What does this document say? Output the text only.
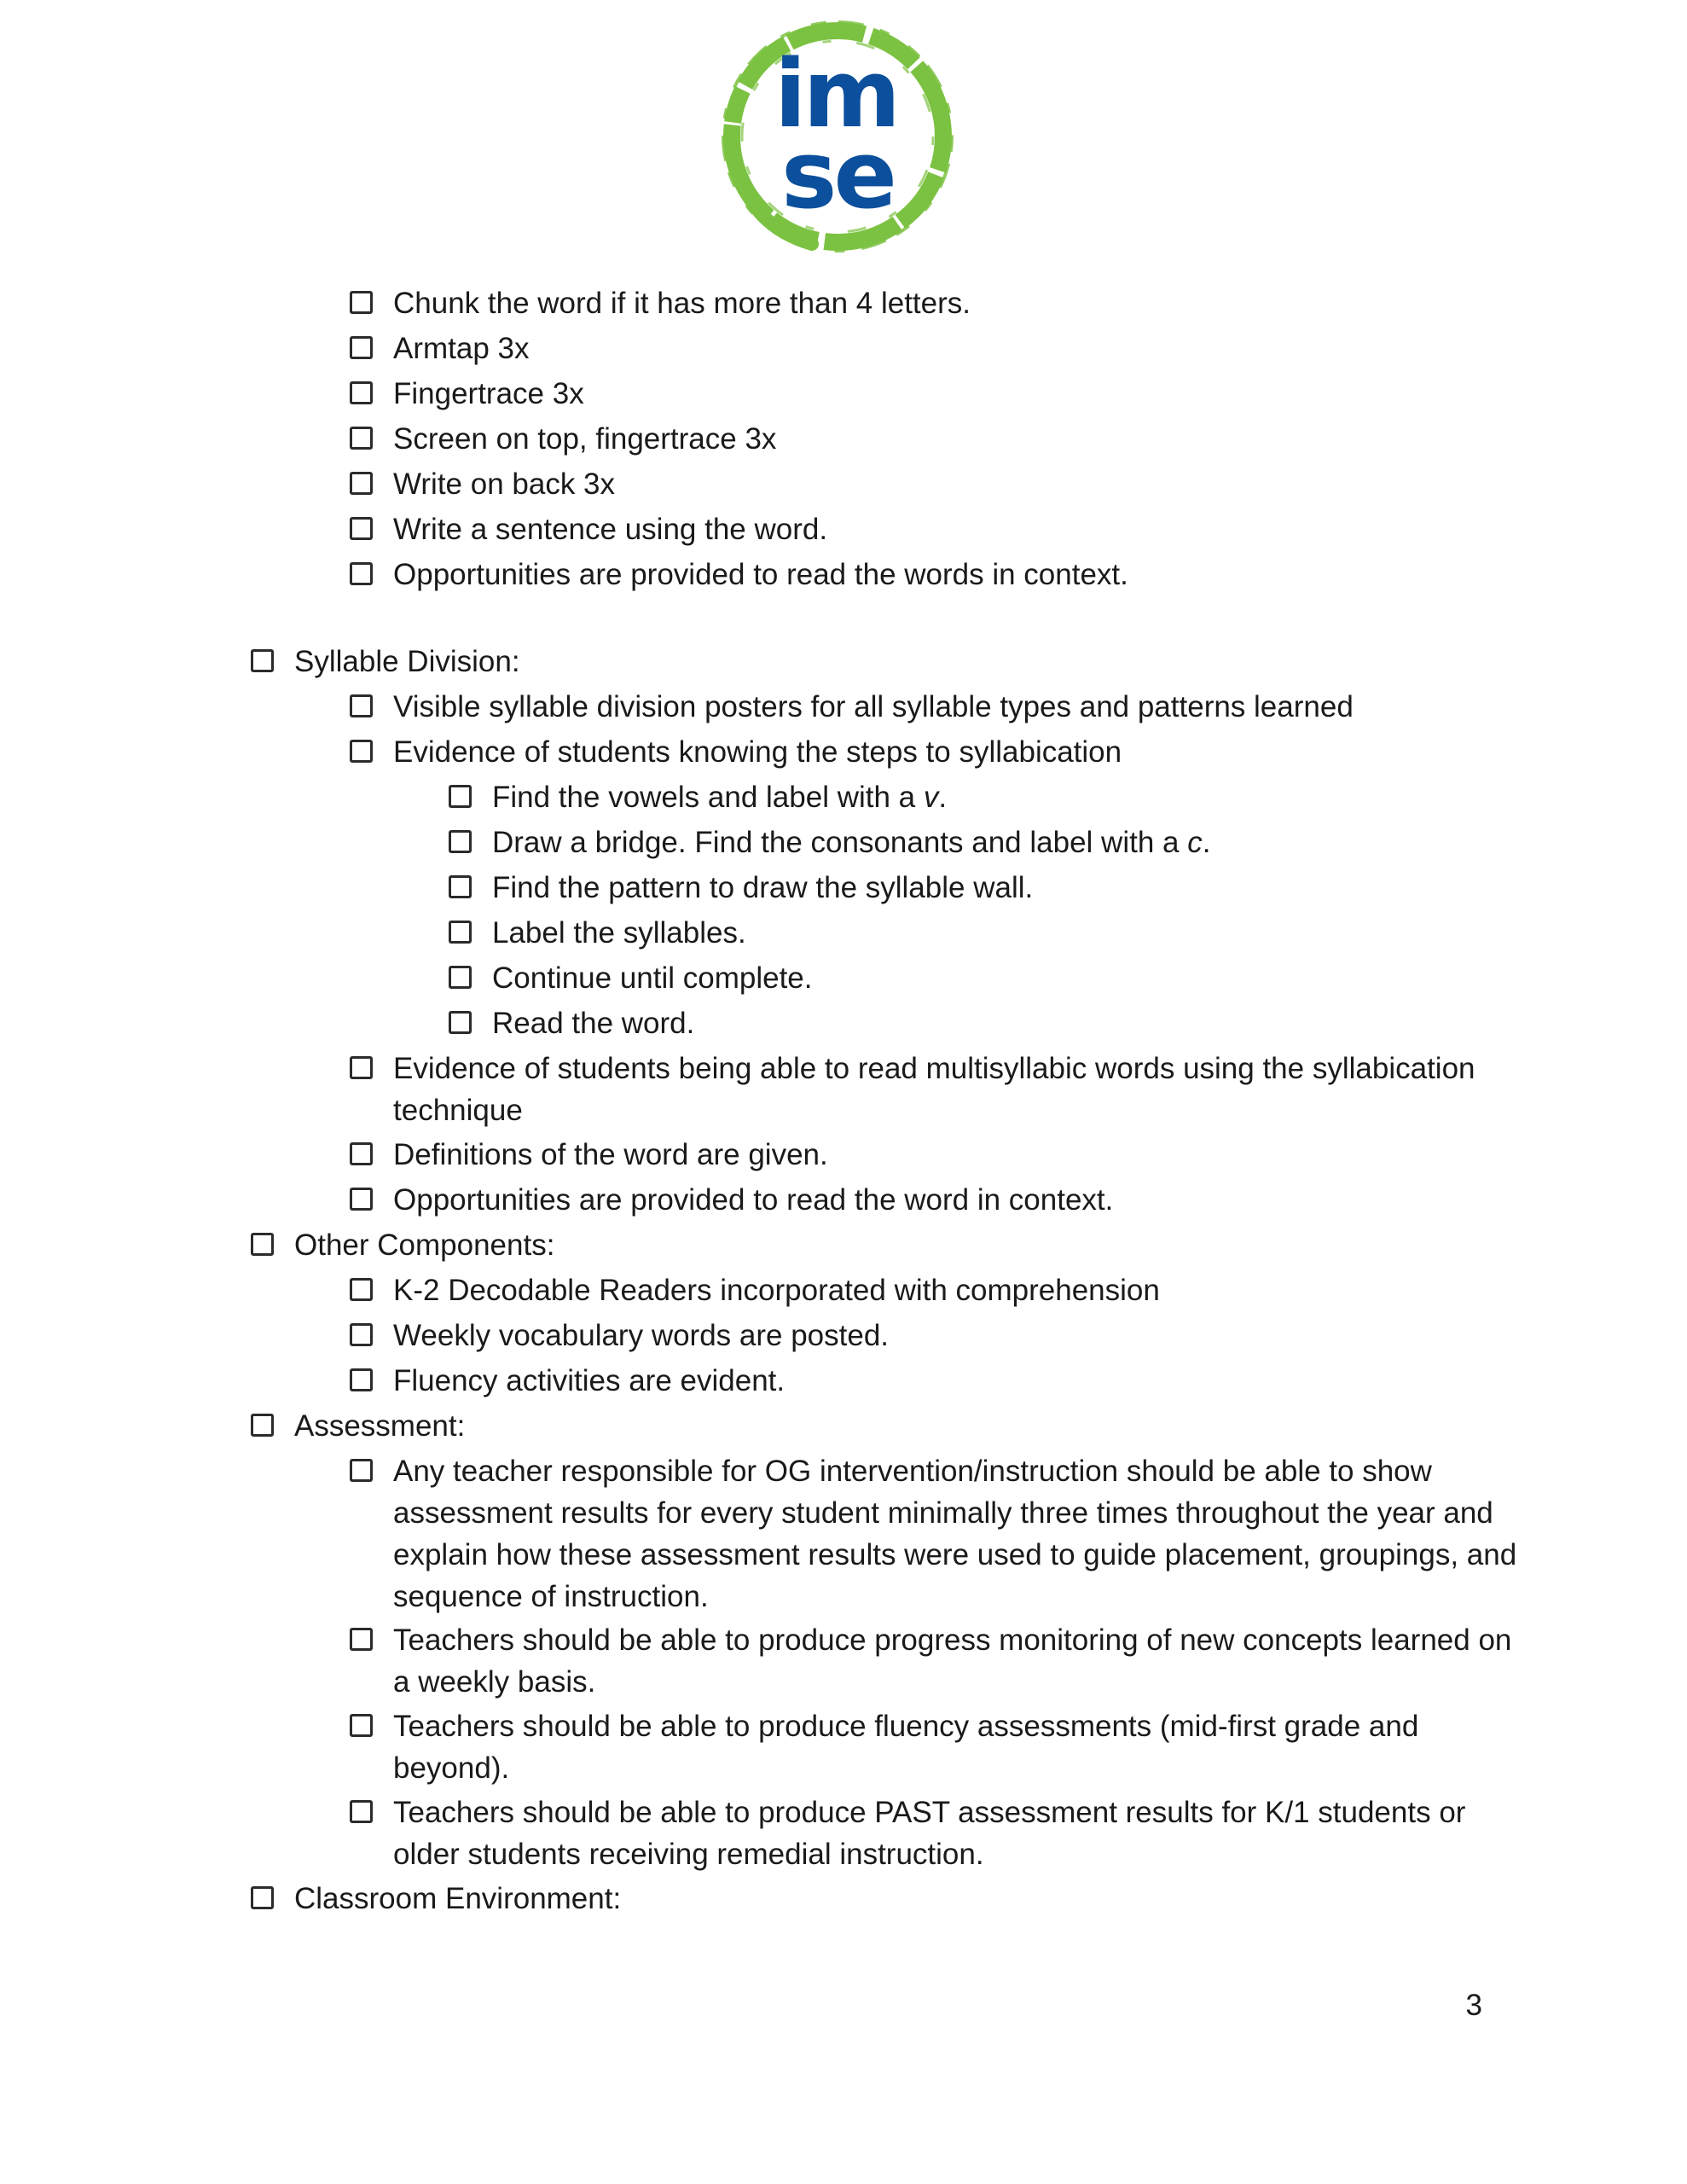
im
se
Chunk the word if it has more than 4 letters.
Armtap 3x
Fingertrace 3x
Screen on top, fingertrace 3x
Write on back 3x
Write a sentence using the word.
Opportunities are provided to read the words in context.
Syllable Division:
Visible syllable division posters for all syllable types and patterns learned
Evidence of students knowing the steps to syllabication
Find the vowels and label with a v.
Draw a bridge. Find the consonants and label with a c.
Find the pattern to draw the syllable wall.
Label the syllables.
Continue until complete.
Read the word.
Evidence of students being able to read multisyllabic words using the syllabication technique
Definitions of the word are given.
Opportunities are provided to read the word in context.
Other Components:
K-2 Decodable Readers incorporated with comprehension
Weekly vocabulary words are posted.
Fluency activities are evident.
Assessment:
Any teacher responsible for OG intervention/instruction should be able to show assessment results for every student minimally three times throughout the year and explain how these assessment results were used to guide placement, groupings, and sequence of instruction.
Teachers should be able to produce progress monitoring of new concepts learned on a weekly basis.
Teachers should be able to produce fluency assessments (mid-first grade and beyond).
Teachers should be able to produce PAST assessment results for K/1 students or older students receiving remedial instruction.
Classroom Environment:
3
